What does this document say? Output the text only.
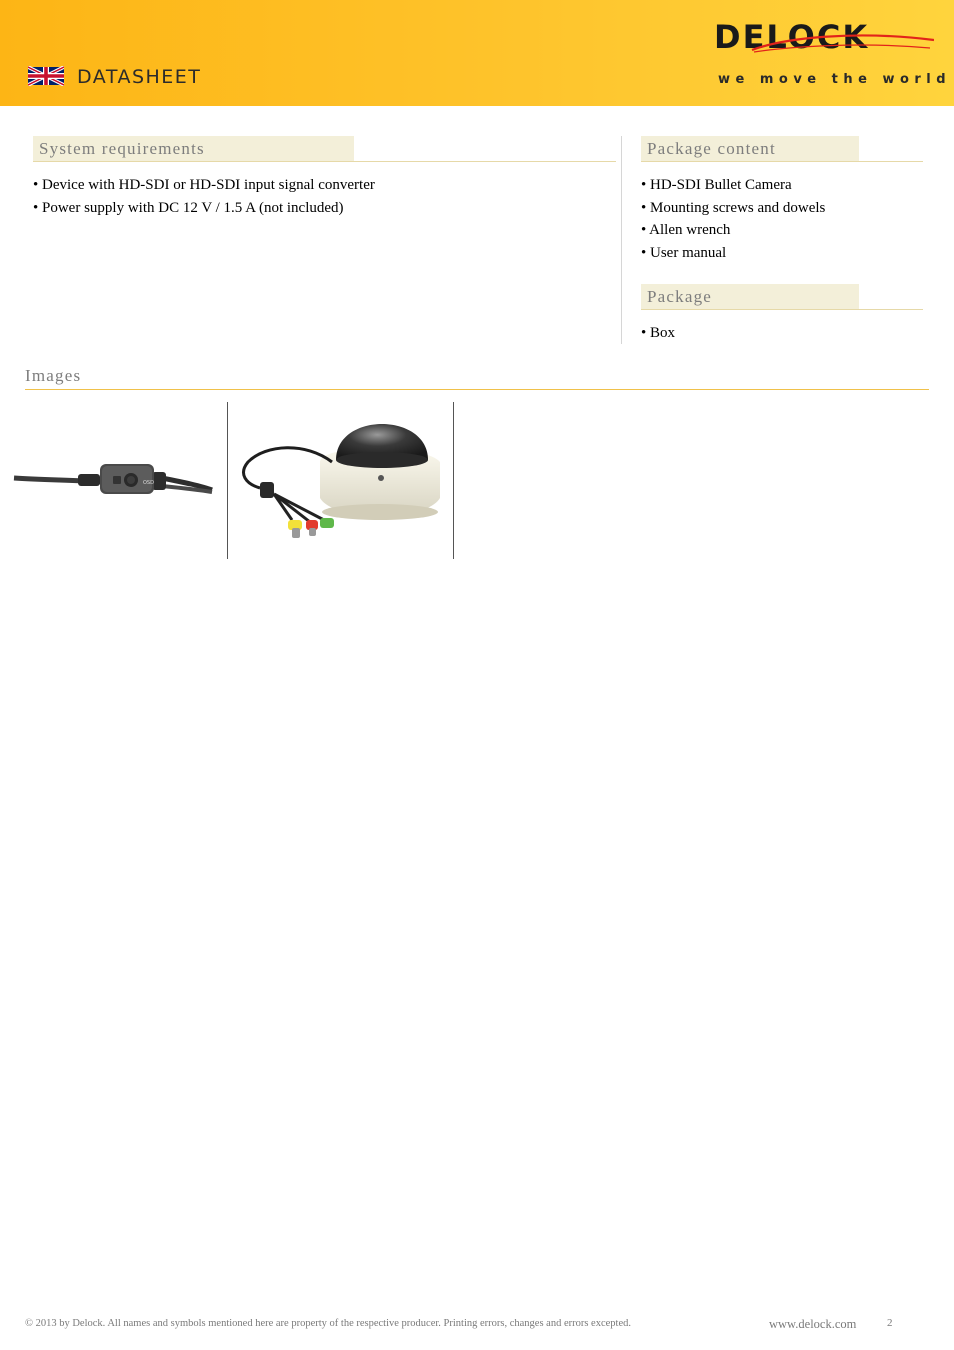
DATASHEET
DELOCK
we move the world
System requirements
• Device with HD-SDI or HD-SDI input signal converter
• Power supply with DC 12 V / 1.5 A (not included)
Package content
• HD-SDI Bullet Camera
• Mounting screws and dowels
• Allen wrench
• User manual
Package
• Box
Images
OSD
© 2013 by Delock. All names and symbols mentioned here are property of the respective producer. Printing errors, changes and errors excepted.	www.delock.com	2
